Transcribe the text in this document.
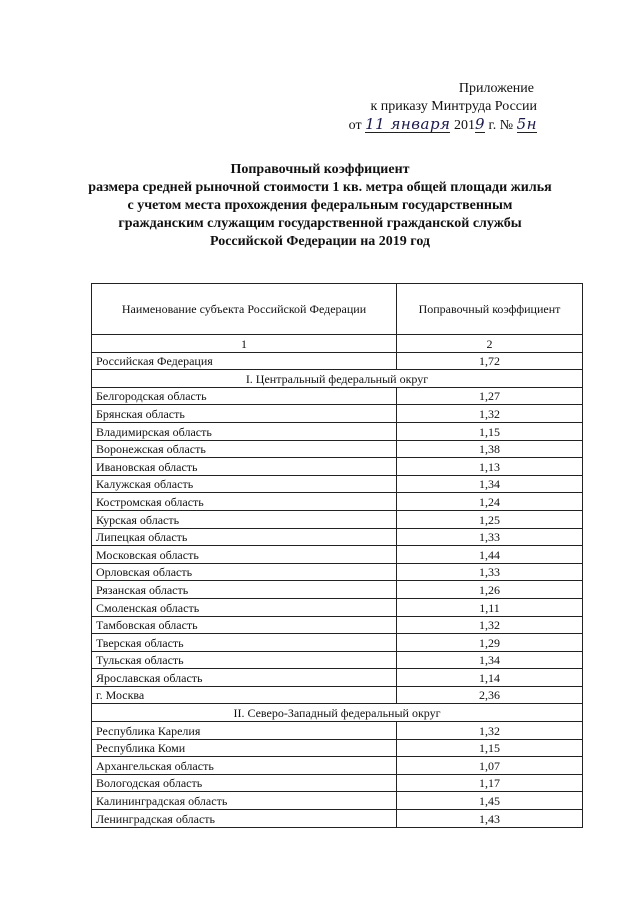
Приложение
к приказу Минтруда России
от 11 января 2019 г. № 5н
Поправочный коэффициент
размера средней рыночной стоимости 1 кв. метра общей площади жилья
с учетом места прохождения федеральным государственным
гражданским служащим государственной гражданской службы
Российской Федерации на 2019 год
Наименование субъекта Российской Федерации	Поправочный коэффициент
1	2
Российская Федерация	1,72
I. Центральный федеральный округ	
Белгородская область	1,27
Брянская область	1,32
Владимирская область	1,15
Воронежская область	1,38
Ивановская область	1,13
Калужская область	1,34
Костромская область	1,24
Курская область	1,25
Липецкая область	1,33
Московская область	1,44
Орловская область	1,33
Рязанская область	1,26
Смоленская область	1,11
Тамбовская область	1,32
Тверская область	1,29
Тульская область	1,34
Ярославская область	1,14
г. Москва	2,36
II. Северо-Западный федеральный округ	
Республика Карелия	1,32
Республика Коми	1,15
Архангельская область	1,07
Вологодская область	1,17
Калининградская область	1,45
Ленинградская область	1,43
